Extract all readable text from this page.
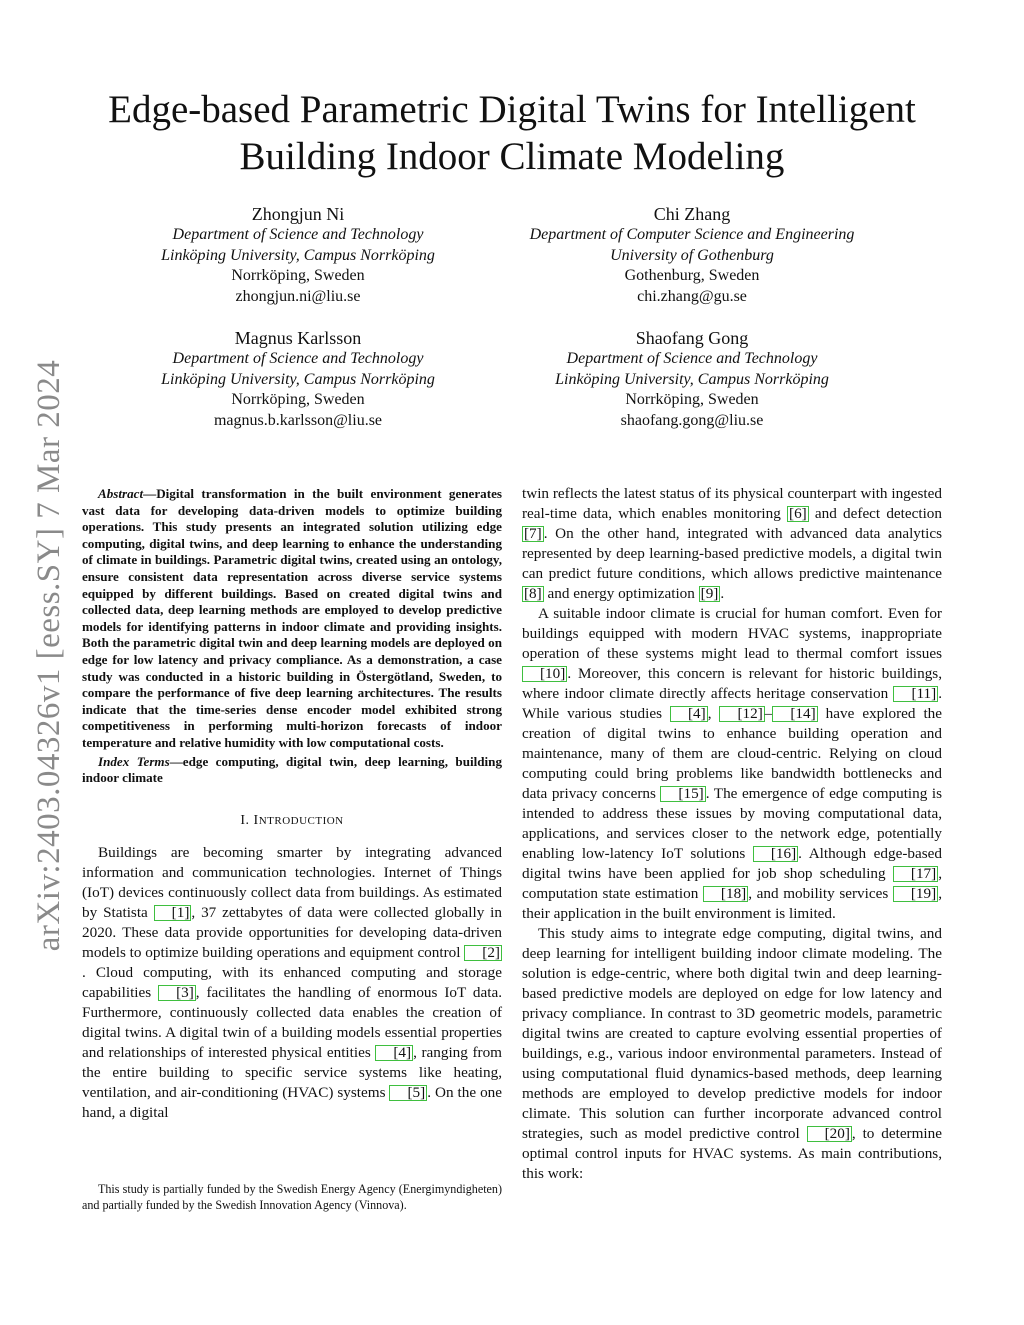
arXiv:2403.04326v1 [eess.SY] 7 Mar 2024
Edge-based Parametric Digital Twins for Intelligent Building Indoor Climate Modeling
Zhongjun Ni
Department of Science and Technology
Linköping University, Campus Norrköping
Norrköping, Sweden
zhongjun.ni@liu.se
Chi Zhang
Department of Computer Science and Engineering
University of Gothenburg
Gothenburg, Sweden
chi.zhang@gu.se
Magnus Karlsson
Department of Science and Technology
Linköping University, Campus Norrköping
Norrköping, Sweden
magnus.b.karlsson@liu.se
Shaofang Gong
Department of Science and Technology
Linköping University, Campus Norrköping
Norrköping, Sweden
shaofang.gong@liu.se

Abstract—Digital transformation in the built environment generates vast data for developing data-driven models to optimize building operations. This study presents an integrated solution utilizing edge computing, digital twins, and deep learning to enhance the understanding of climate in buildings. Parametric digital twins, created using an ontology, ensure consistent data representation across diverse service systems equipped by different buildings. Based on created digital twins and collected data, deep learning methods are employed to develop predictive models for identifying patterns in indoor climate and providing insights. Both the parametric digital twin and deep learning models are deployed on edge for low latency and privacy compliance. As a demonstration, a case study was conducted in a historic building in Östergötland, Sweden, to compare the performance of five deep learning architectures. The results indicate that the time-series dense encoder model exhibited strong competitiveness in performing multi-horizon forecasts of indoor temperature and relative humidity with low computational costs.

Index Terms—edge computing, digital twin, deep learning, building indoor climate

I. INTRODUCTION

Buildings are becoming smarter by integrating advanced information and communication technologies. Internet of Things (IoT) devices continuously collect data from buildings. As estimated by Statista [1] , 37 zettabytes of data were collected globally in 2020. These data provide opportunities for developing data-driven models to optimize building operations and equipment control [2]. Cloud computing, with its enhanced computing and storage capabilities [3] , facilitates the handling of enormous IoT data. Furthermore, continuously collected data enables the creation of digital twins. A digital twin of a building models essential properties and relationships of interested physical entities [4] , ranging from the entire building to specific service systems like heating, ventilation, and air-conditioning (HVAC) systems [5] . On the one hand, a digital

This study is partially funded by the Swedish Energy Agency (Energimyndigheten) and partially funded by the Swedish Innovation Agency (Vinnova).

twin reflects the latest status of its physical counterpart with ingested real-time data, which enables monitoring [6] and defect detection [7] . On the other hand, integrated with advanced data analytics represented by deep learning-based predictive models, a digital twin can predict future conditions, which allows predictive maintenance [8] and energy optimization [9] .

A suitable indoor climate is crucial for human comfort. Even for buildings equipped with modern HVAC systems, inappropriate operation of these systems might lead to thermal comfort issues [10] . Moreover, this concern is relevant for historic buildings, where indoor climate directly affects heritage conservation [11] . While various studies [4] , [12] – [14] have explored the creation of digital twins to enhance building operation and maintenance, many of them are cloud-centric. Relying on cloud computing could bring problems like bandwidth bottlenecks and data privacy concerns [15] . The emergence of edge computing is intended to address these issues by moving computational data, applications, and services closer to the network edge, potentially enabling low-latency IoT solutions [16] . Although edge-based digital twins have been applied for job shop scheduling [17] , computation state estimation [18] , and mobility services [19] , their application in the built environment is limited.

This study aims to integrate edge computing, digital twins, and deep learning for intelligent building indoor climate modeling. The solution is edge-centric, where both digital twin and deep learning-based predictive models are deployed on edge for low latency and privacy compliance. In contrast to 3D geometric models, parametric digital twins are created to capture evolving essential properties of buildings, e.g., various indoor environmental parameters. Instead of using computational fluid dynamics-based methods, deep learning methods are employed to develop predictive models for indoor climate. This solution can further incorporate advanced control strategies, such as model predictive control [20] , to determine optimal control inputs for HVAC systems. As main contributions, this work:
